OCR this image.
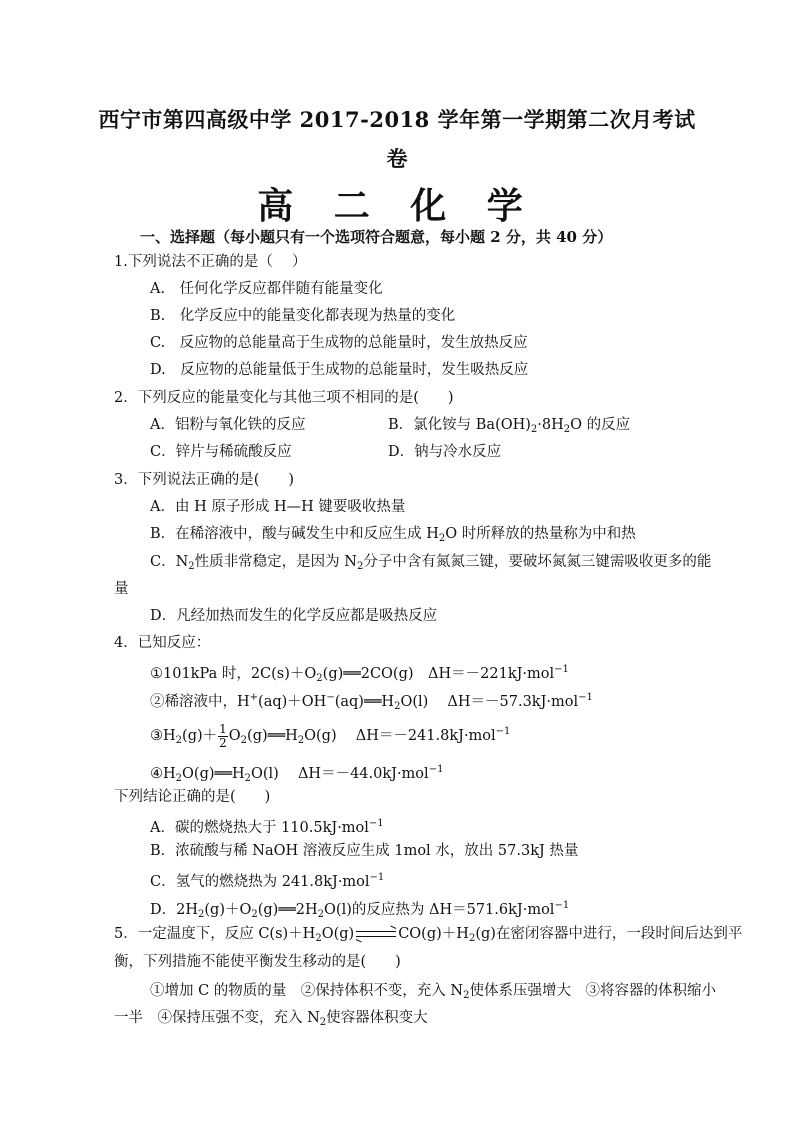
西宁市第四高级中学 2017-2018 学年第一学期第二次月考试
卷
高 二 化 学
一、选择题（每小题只有一个选项符合题意，每小题 2 分，共 40 分）
1.下列说法不正确的是（　 ）
A.　任何化学反应都伴随有能量变化
B.　化学反应中的能量变化都表现为热量的变化
C.　反应物的总能量高于生成物的总能量时，发生放热反应
D.　反应物的总能量低于生成物的总能量时，发生吸热反应
2．下列反应的能量变化与其他三项不相同的是(　　)
A．铝粉与氧化铁的反应	B．氯化铵与 $Ba(OH)_2\cdot 8H_2O$ 的反应
C．锌片与稀硫酸反应	D．钠与冷水反应
3．下列说法正确的是(　　)
A．由 H 原子形成 H—H 键要吸收热量
B．在稀溶液中，酸与碱发生中和反应生成 $H_2O$ 时所释放的热量称为中和热
C．$N_2$性质非常稳定，是因为 $N_2$分子中含有氮氮三键，要破坏氮氮三键需吸收更多的能
量
D．凡经加热而发生的化学反应都是吸热反应
4．已知反应：
①101kPa 时，$2C(s)+O_2(g)══2CO(g)$　ΔH＝－221kJ·mol$^{-1}$
②稀溶液中，$H^+(aq)+OH^-(aq)══H_2O(l)$　 ΔH＝－57.3kJ·mol$^{-1}$
$③H_2(g)+ \frac{1}{2}$ $O_2(g)══H_2O(g)$　 ΔH＝－241.8kJ·mol$^{-1}$
$④H_2O(g)══H_2O(l)$　 ΔH＝－44.0kJ·mol$^{-1}$
下列结论正确的是(　　)
A．碳的燃烧热大于 110.5kJ·mol$^{-1}$
B．浓硫酸与稀 NaOH 溶液反应生成 1mol 水，放出 57.3kJ 热量
C．氢气的燃烧热为 241.8kJ·mol$^{-1}$
D．$2H_2(g)+O_2(g)══2H_2O(l)$的反应热为 ΔH＝571.6kJ·mol$^{-1}$
5．一定温度下，反应 $C(s)+H_2O(g)$	$CO(g)+H_2(g)$在密闭容器中进行，一段时间后达到平
衡，下列措施不能使平衡发生移动的是(　　)
①增加 C 的物质的量　②保持体积不变，充入 $N_2$使体系压强增大　③将容器的体积缩小
一半　④保持压强不变，充入 $N_2$使容器体积变大
